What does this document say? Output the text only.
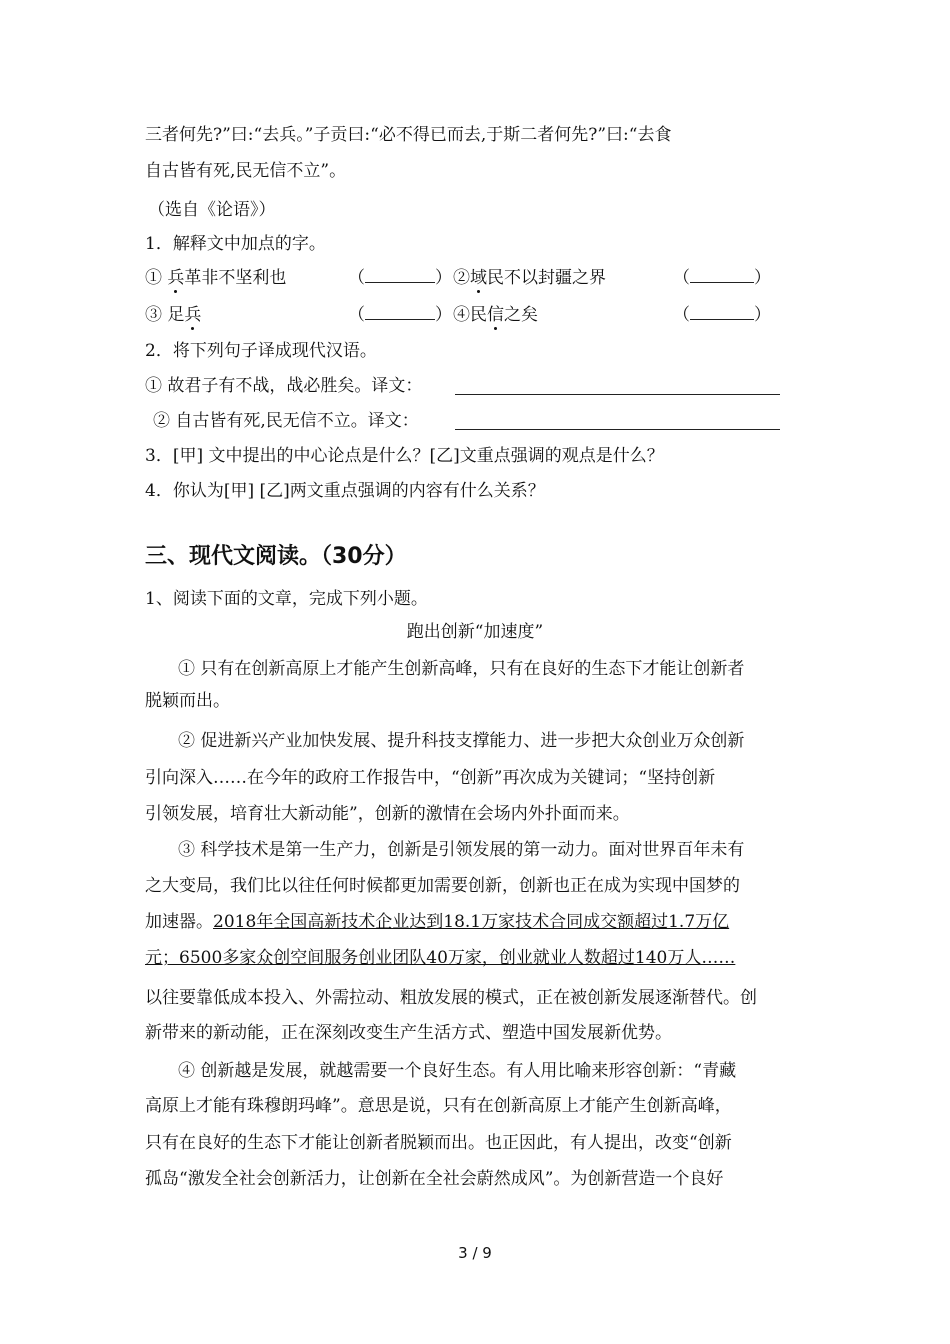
三者何先?”曰:“去兵。”子贡曰:“必不得已而去,于斯二者何先?”曰:“去食
自古皆有死,民无信不立”。
（选自《论语》）
1．解释文中加点的字。
① 兵革非不坚利也	（	） ②域民不以封疆之界	（	）
③ 足兵	（	） ④民信之矣	（	）
2．将下列句子译成现代汉语。
① 故君子有不战，战必胜矣。译文：
② 自古皆有死,民无信不立。译文：
3．[甲] 文中提出的中心论点是什么？[乙]文重点强调的观点是什么？
4．你认为[甲] [乙]两文重点强调的内容有什么关系？
三、现代文阅读。（30分）
1、阅读下面的文章，完成下列小题。
跑出创新“加速度”
① 只有在创新高原上才能产生创新高峰，只有在良好的生态下才能让创新者
脱颖而出。
② 促进新兴产业加快发展、提升科技支撑能力、进一步把大众创业万众创新
引向深入……在今年的政府工作报告中，“创新”再次成为关键词；“坚持创新
引领发展，培育壮大新动能”，创新的激情在会场内外扑面而来。
③ 科学技术是第一生产力，创新是引领发展的第一动力。面对世界百年未有
之大变局，我们比以往任何时候都更加需要创新，创新也正在成为实现中国梦的
加速器。2018年全国高新技术企业达到18.1万家技术合同成交额超过1.7万亿
元；6500多家众创空间服务创业团队40万家，创业就业人数超过140万人……
以往要靠低成本投入、外需拉动、粗放发展的模式，正在被创新发展逐渐替代。创
新带来的新动能，正在深刻改变生产生活方式、塑造中国发展新优势。
④ 创新越是发展，就越需要一个良好生态。有人用比喻来形容创新：“青藏
高原上才能有珠穆朗玛峰”。意思是说，只有在创新高原上才能产生创新高峰，
只有在良好的生态下才能让创新者脱颖而出。也正因此，有人提出，改变“创新
孤岛“激发全社会创新活力，让创新在全社会蔚然成风”。为创新营造一个良好
3 / 9
